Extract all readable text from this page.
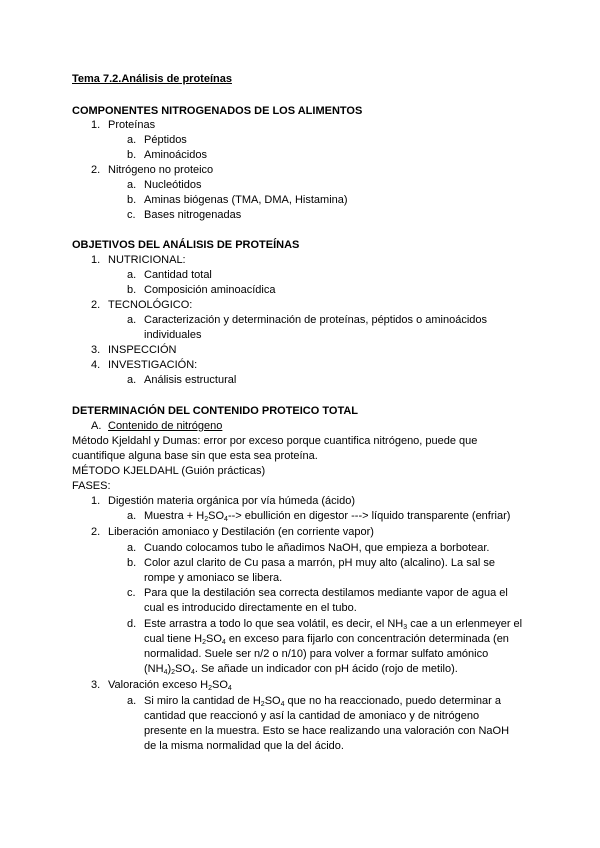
Tema 7.2.Análisis de proteínas
COMPONENTES NITROGENADOS DE LOS ALIMENTOS
1. Proteínas
a. Péptidos
b. Aminoácidos
2. Nitrógeno no proteico
a. Nucleótidos
b. Aminas biógenas (TMA, DMA, Histamina)
c. Bases nitrogenadas
OBJETIVOS DEL ANÁLISIS DE PROTEÍNAS
1. NUTRICIONAL:
a. Cantidad total
b. Composición aminoacídica
2. TECNOLÓGICO:
a. Caracterización y determinación de proteínas, péptidos o aminoácidos
individuales
3. INSPECCIÓN
4. INVESTIGACIÓN:
a. Análisis estructural
DETERMINACIÓN DEL CONTENIDO PROTEICO TOTAL
A. Contenido de nitrógeno
Método Kjeldahl y Dumas: error por exceso porque cuantifica nitrógeno, puede que
cuantifique alguna base sin que esta sea proteína.
MÉTODO KJELDAHL (Guión prácticas)
FASES:
1. Digestión materia orgánica por vía húmeda (ácido)
a. Muestra + $H_2SO_4-->$ ebullición en digestor ---> líquido transparente (enfriar)
2. Liberación amoniaco y Destilación (en corriente vapor)
a. Cuando colocamos tubo le añadimos NaOH, que empieza a borbotear.
b. Color azul clarito de Cu pasa a marrón, pH muy alto (alcalino). La sal se
rompe y amoniaco se libera.
c. Para que la destilación sea correcta destilamos mediante vapor de agua el
cual es introducido directamente en el tubo.
d. Este arrastra a todo lo que sea volátil, es decir, el $NH_3$ cae a un erlenmeyer el
cual tiene $H_2SO_4$ en exceso para fijarlo con concentración determinada (en
normalidad. Suele ser n/2 o n/10) para volver a formar sulfato amónico
$(NH_4)_2SO_4$. Se añade un indicador con pH ácido (rojo de metilo).
3. Valoración exceso $H_2SO_4$
a. Si miro la cantidad de $H_2SO_4$ que no ha reaccionado, puedo determinar a
cantidad que reaccionó y así la cantidad de amoniaco y de nitrógeno
presente en la muestra. Esto se hace realizando una valoración con NaOH
de la misma normalidad que la del ácido.
